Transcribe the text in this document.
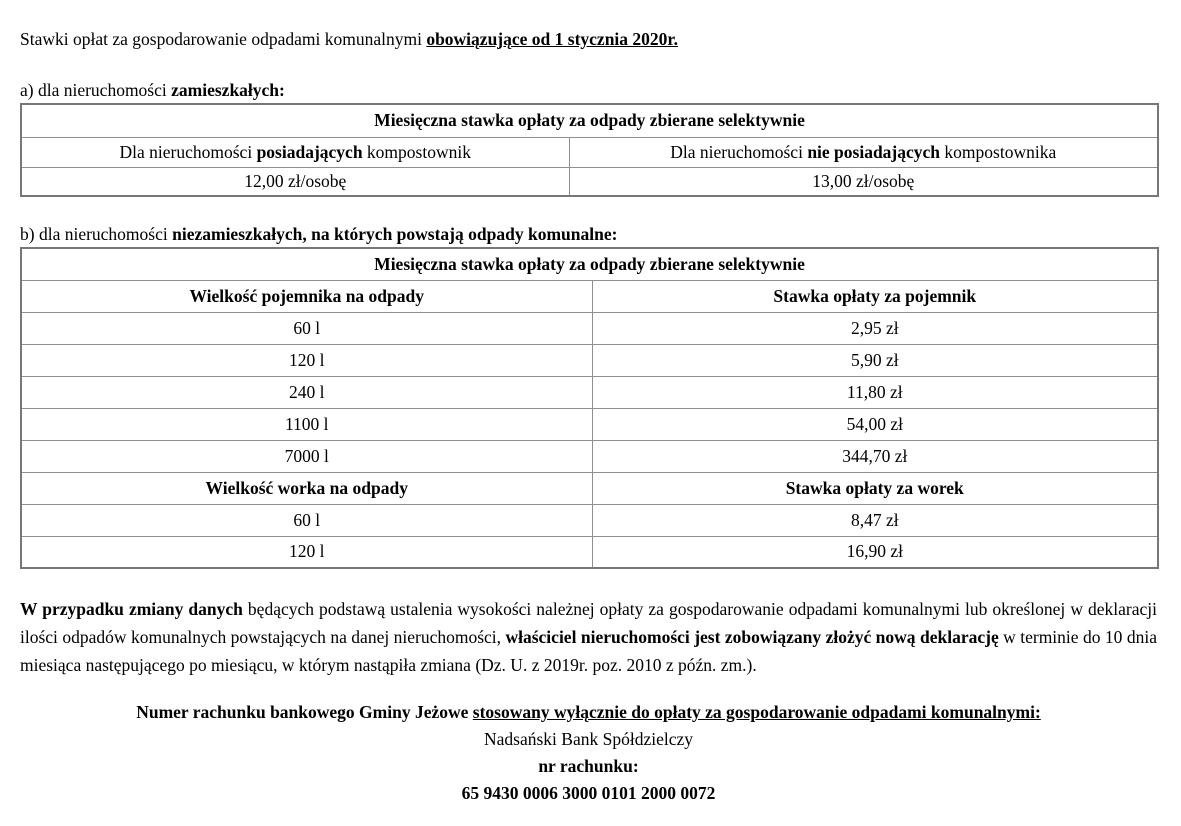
Stawki opłat za gospodarowanie odpadami komunalnymi obowiązujące od 1 stycznia 2020r.
a) dla nieruchomości zamieszkałych:
Miesięczna stawka opłaty za odpady zbierane selektywnie	
Dla nieruchomości posiadających kompostownik	Dla nieruchomości nie posiadających kompostownika
12,00 zł/osobę	13,00 zł/osobę
b) dla nieruchomości niezamieszkałych, na których powstają odpady komunalne:
Miesięczna stawka opłaty za odpady zbierane selektywnie	
Wielkość pojemnika na odpady	Stawka opłaty za pojemnik
60 l	2,95 zł
120 l	5,90 zł
240 l	11,80 zł
1100 l	54,00 zł
7000 l	344,70 zł
Wielkość worka na odpady	Stawka opłaty za worek
60 l	8,47 zł
120 l	16,90 zł
W przypadku zmiany danych będących podstawą ustalenia wysokości należnej opłaty za gospodarowanie odpadami komunalnymi lub określonej w deklaracji ilości odpadów komunalnych powstających na danej nieruchomości, właściciel nieruchomości jest zobowiązany złożyć nową deklarację w terminie do 10 dnia miesiąca następującego po miesiącu, w którym nastąpiła zmiana (Dz. U. z 2019r. poz. 2010 z późn. zm.).
Numer rachunku bankowego Gminy Jeżowe stosowany wyłącznie do opłaty za gospodarowanie odpadami komunalnymi:
Nadsański Bank Spółdzielczy
nr rachunku:
65 9430 0006 3000 0101 2000 0072
